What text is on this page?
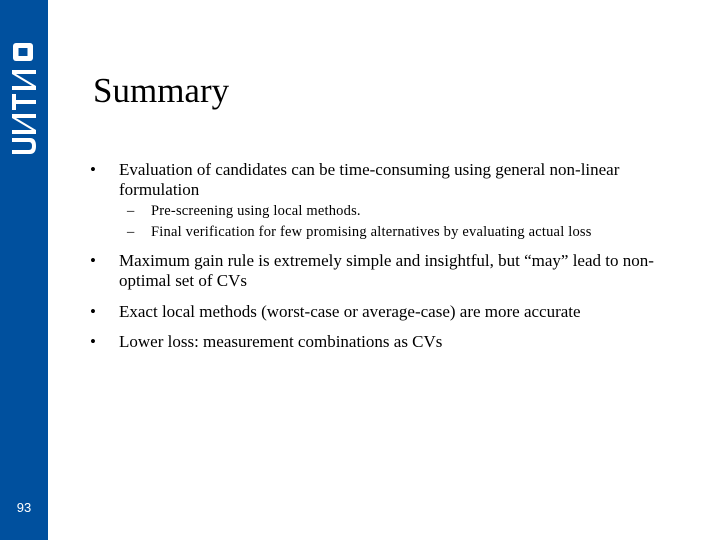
93
Summary
•	Evaluation of candidates can be time-consuming using general non-linear formulation
– Pre-screening using local methods.
– Final verification for few promising alternatives by evaluating actual loss
•	Maximum gain rule is extremely simple and insightful, but “may” lead to non-optimal set of CVs
•	Exact local methods (worst-case or average-case) are more accurate
•	Lower loss: measurement combinations as CVs
